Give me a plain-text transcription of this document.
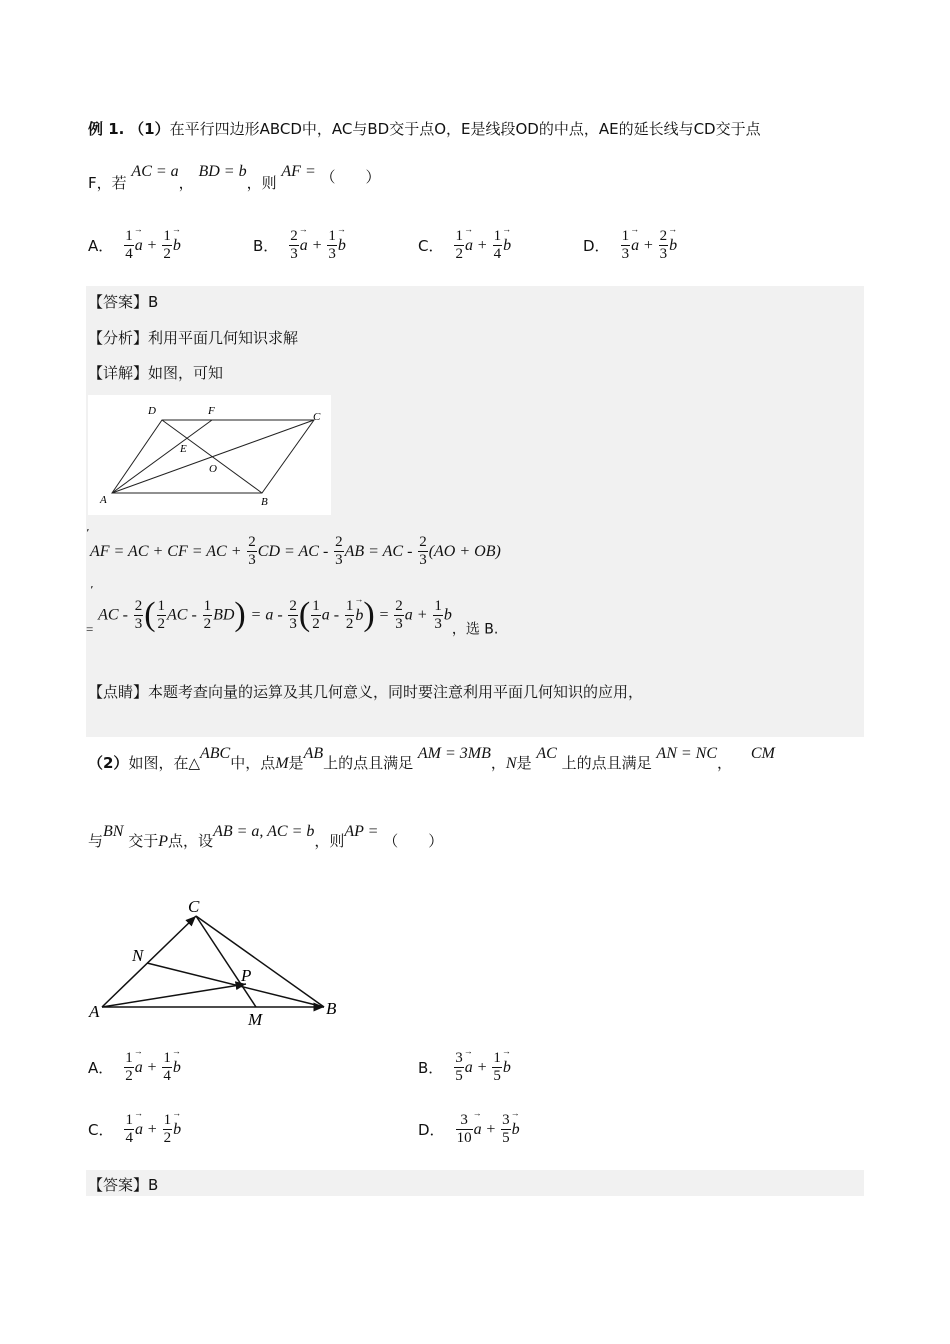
例 1. （1）在平行四边形ABCD中，AC与BD交于点O，E是线段OD的中点，AE的延长线与CD交于点
F，若 AC = a， BD = b，则 AF = （　　）
A． $\frac{1}{4}$
→ $a + \frac{1}{2}$
→ b	B． $\frac{2}{3}$
→ $a + \frac{1}{3}$
→ b	C． $\frac{1}{2}$
→ $a + \frac{1}{4}$
→ b	D． $\frac{1}{3}$
→ $a + \frac{2}{3}$
→ b
【答案】B
【分析】利用平面几何知识求解
【详解】如图，可知
D	F	C
E
O
A	B
ʼ
AF = AC + CF = AC + $\frac{2}{3}$ CD = AC - $\frac{2}{3}$ AB = AC - $\frac{2}{3} (AO + OB)$
ʼ
= AC - $\frac{2}{3}$ ( $\frac{1}{2}$ AC - $\frac{1}{2} BD) = a - \frac{2}{3}$ ( $\frac{1}{2}$ a - $\frac{1}{2}$
→ $b) = \frac{2}{3}$ $a + \frac{1}{3}$ b，选 B.
【点睛】本题考查向量的运算及其几何意义，同时要注意利用平面几何知识的应用，
（2）如图，在△ABC中，点M是AB上的点且满足 AM = 3MB，N是 AC 上的点且满足 AN = NC， CM
与BN 交于P点，设AB = a, AC = b，则AP = （　　）
C
N
P
A	M
B
A． $\frac{1}{2}$
→ $a + \frac{1}{4}$
→ b	B． $\frac{3}{5}$
→ $a + \frac{1}{5}$
→ b
C． $\frac{1}{4}$
→ $a + \frac{1}{2}$
→ b	D． $\frac{3}{10}$
→ $a + \frac{3}{5}$
→ b
【答案】B
